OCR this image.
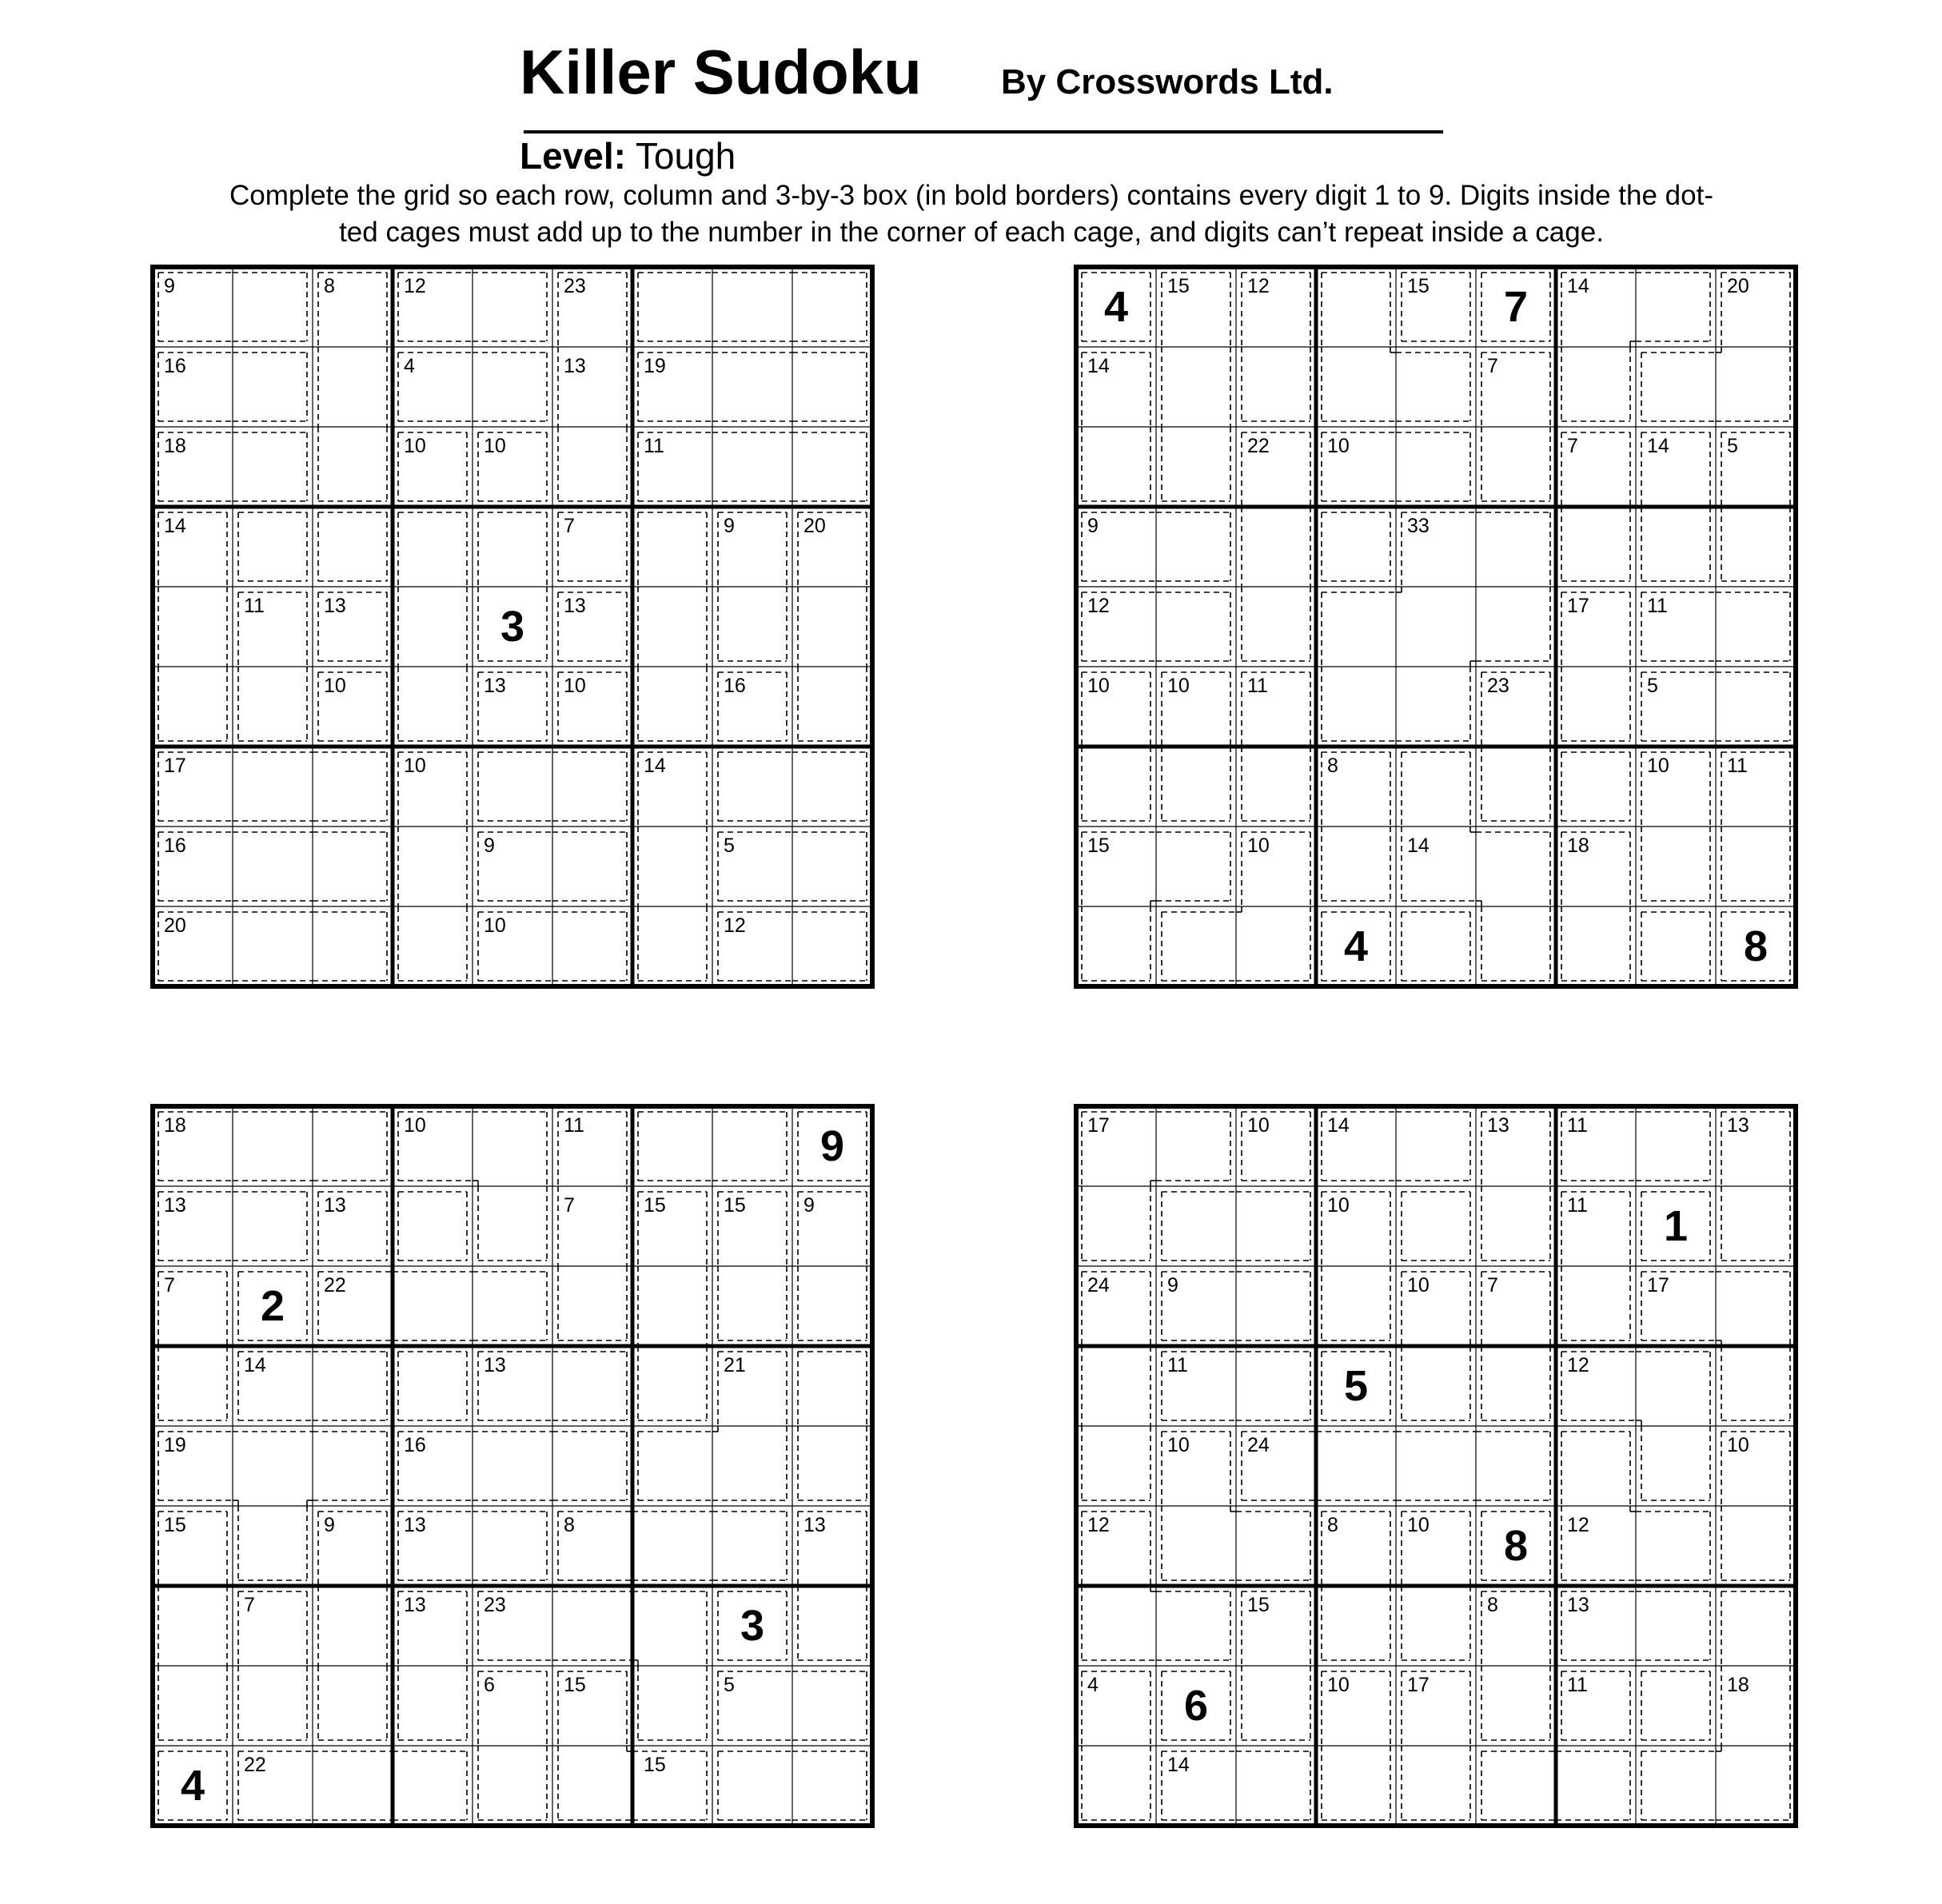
Killer Sudoku By Crosswords Ltd.
Level: Tough
Complete the grid so each row, column and 3-by-3 box (in bold borders) contains every digit 1 to 9. Digits inside the dot-
ted cages must add up to the number in the corner of each cage, and digits can’t repeat inside a cage.
9	8	12	23
16	4	13	19
18	10	10	11
14	7	9	20
11	13	3	13
10	13	10	16
17	10	14
16	9	5
20	10	12
4	15	12	15	7	14	20
14	7
22	10	7	14	5
9	33
12	17	11
10	10	11	23	5
8	10	11
15	10	14	18
4	8
18	10	11	9
13	13	7	15	15	9
7	2	22
14	13	21
19	16
15	9	13	8	13
7	13	23	3
6	15	5
4	22	15
17	10	14	13	11	13
10	11	1
24	9	10	7	17
11	5	12
10	24	10
12	8	10	8	12
15	8	13
4	6	10	17	11	18
14
